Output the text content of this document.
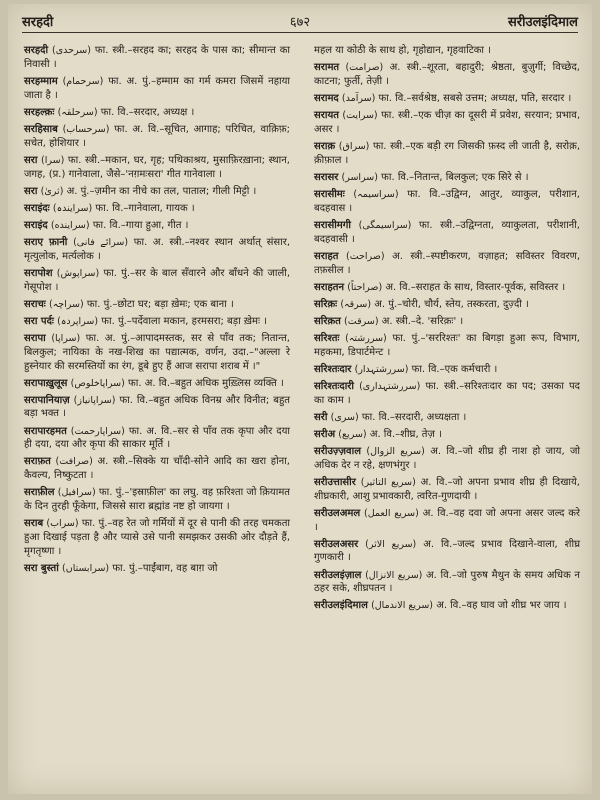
सरहदी	६७२	सरीउलइंदिमाल
सरहदी (سرحدی) फा. स्त्री.–सरहद का; सरहद के पास का; सीमान्त का निवासी ।
सरहम्माम (سرحمام) फा. अ. पुं.–हम्माम का गर्म कमरा जिसमें नहाया जाता है ।
सरहल्क़ः (سرحلقہ) फा. वि.–सरदार, अध्यक्ष ।
सरहिसाब (سرحساب) फा. अ. वि.–सूचित, आगाह; परिचित, वाक़िफ़; सचेत, होशियार ।
सरा (سرا) फा. स्त्री.–मकान, घर, गृह; पथिकाश्रय, मुसाफ़िरख़ाना; स्थान, जगह, (प्र.) गानेवाला, जैसे–'नग़मःसरा' गीत गानेवाला ।
सरा (ثریٰ) अ. पुं.–ज़मीन का नीचे का तल, पाताल; गीली मिट्टी ।
सराइंदः (سرایندہ) फा. वि.–गानेवाला, गायक ।
सराइंद (سراینده) फा. वि.–गाया हुआ, गीत ।
सराए फ़ानी (سرائے فانی) फा. अ. स्त्री.–नश्वर स्थान अर्थात् संसार, मृत्युलोक, मर्त्यलोक ।
सरापोश (سراپوش) फा. पुं.–सर के बाल सँवारने और बाँधने की जाली, गेसूपोश ।
सराचः (سراچہ) फा. पुं.–छोटा घर; बड़ा ख़ेमः; एक बाना ।
सरा पर्दः (سراپردہ) फा. पुं.–पर्देवाला मकान, हरमसरा; बड़ा ख़ेमः ।
सरापा (سراپا) फा. अ. पुं.–आपादमस्तक, सर से पाँव तक; नितान्त, बिलकुल; नायिका के नख-शिख का पद्यात्मक, वर्णन, उदा.–"अल्ला रे हुस्नेयार की सरमस्तियों का रंग, डूबे हुए हैं आज सरापा शराब में ।"
सरापाख़ुलूस (سراپاخلوص) फा. अ. वि.–बहुत अधिक मुख़्लिस व्यक्ति ।
सरापानियाज़ (سراپانیاز) फा. वि.–बहुत अधिक विनम्र और विनीत; बहुत बड़ा भक्त ।
सरापारहमत (سراپارحمت) फा. अ. वि.–सर से पाँव तक कृपा और दया ही दया, दया और कृपा की साकार मूर्ति ।
सराफ़त (صرافت) अ. स्त्री.–सिक्के या चाँदी-सोने आदि का खरा होना, कैवल्य, निष्कुटता ।
सराफ़ील (سرافیل) फा. पुं.–'इस्राफ़ील' का लघु. वह फ़रिश्ता जो क़ियामत के दिन तुरही फूँकेगा, जिससे सारा ब्रह्मांड नष्ट हो जायगा ।
सराब (سراب) फा. पुं.–वह रेत जो गर्मियों में दूर से पानी की तरह चमकता हुआ दिखाई पड़ता है और प्यासे उसे पानी समझकर उसकी ओर दौड़ते हैं, मृगतृष्णा ।
सरा बुस्तां (سرابستاں) फा. पुं.–पाईंबाग, वह बाग़ जो
महल या कोठी के साथ हो, गृहोद्यान, गृहवाटिका ।
सरामत (صرامت) अ. स्त्री.–शूरता, बहादुरी; श्रेष्ठता, बुज़ुर्गी; विच्छेद, काटना; फुर्ती, तेज़ी ।
सरामद (سرآمد) फा. वि.–सर्वश्रेष्ठ, सबसे उत्तम; अध्यक्ष, पति, सरदार ।
सरायत (سرایت) फा. स्त्री.–एक चीज़ का दूसरी में प्रवेश, सरयान; प्रभाव, असर ।
सराक़ (سراق) फा. स्त्री.–एक बड़ी रग जिसकी फ़स्द ली जाती है, सरोक़, क़ीफ़ाल ।
सरासर (سراسر) फा. वि.–नितान्त, बिलकुल; एक सिरे से ।
सरासीमः (سراسیمہ) फा. वि.–उद्विग्न, आतुर, व्याकुल, परीशान, बदहवास ।
सरासीमगी (سراسیمگی) फा. स्त्री.–उद्विग्नता, व्याकुलता, परीशानी, बदहवासी ।
सराहत (صراحت) अ. स्त्री.–स्पष्टीकरण, वज़ाहत; सविस्तर विवरण, तफ़सील ।
सराहतन (صراحتاً) अ. वि.–सराहत के साथ, विस्तार-पूर्वक, सविस्तर ।
सरिक़ः (سرقہ) अ. पुं.–चोरी, चौर्य, स्तेय, तस्करता, दुज़्दी ।
सरिक़त (سرقت) अ. स्त्री.–दे. 'सरिक़ः' ।
सरिश्तः (سررشتہ) फा. पुं.–'सररिश्तः' का बिगड़ा हुआ रूप, विभाग, महकमा, डिपार्टमेन्ट ।
सरिश्तःदार (سررشتہدار) फा. वि.–एक कर्मचारी ।
सरिश्तःदारी (سررشتہداری) फा. स्त्री.–सरिश्तःदार का पद; उसका पद का काम ।
सरी (سری) फा. वि.–सरदारी, अध्यक्षता ।
सरीअ (سریع) अ. वि.–शीघ्र, तेज़ ।
सरीउज़्ज़वाल (سریع الزوال) अ. वि.–जो शीघ्र ही नाश हो जाय, जो अधिक देर न रहे, क्षणभंगुर ।
सरीउत्तासीर (سریع التاثیر) अ. वि.–जो अपना प्रभाव शीघ्र ही दिखाये, शीघ्रकारी, आशु प्रभावकारी, त्वरित-गुणदायी ।
सरीउलअमल (سریع العمل) अ. वि.–वह दवा जो अपना असर जल्द करे ।
सरीउलअसर (سریع الاثر) अ. वि.–जल्द प्रभाव दिखाने-वाला, शीघ्र गुणकारी ।
सरीउलइंज़ाल (سریع الانزال) अ. वि.–जो पुरुष मैथुन के समय अधिक न ठहर सके, शीघ्रपतन ।
सरीउलइंदिमाल (سریع الاندمال) अ. वि.–वह घाव जो शीघ्र भर जाय ।
